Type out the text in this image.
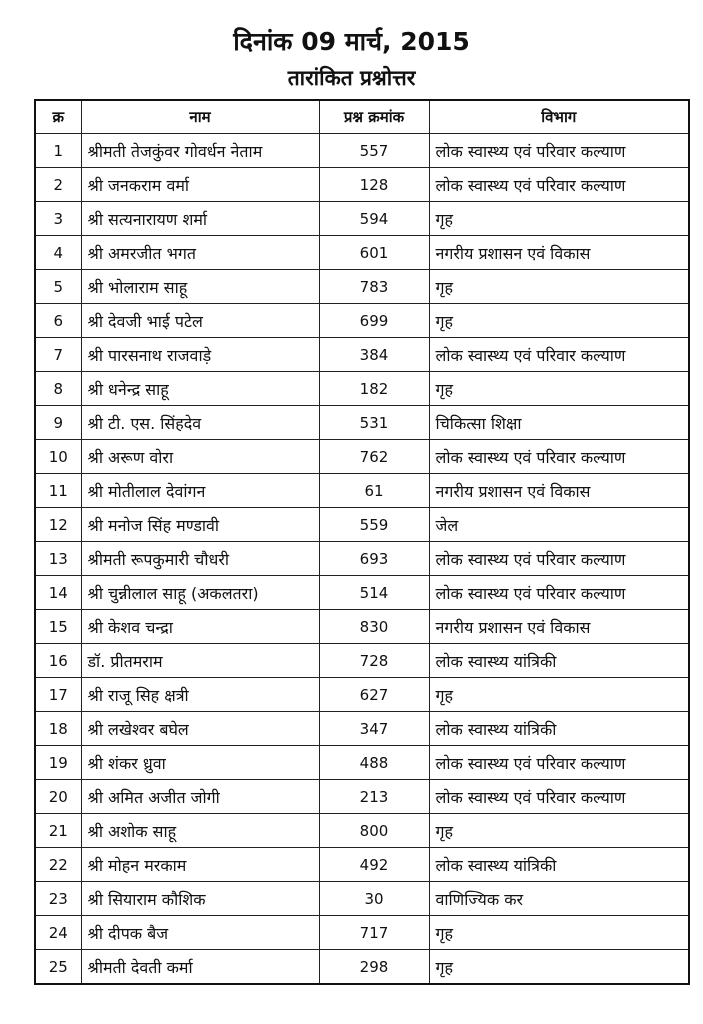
दिनांक 09 मार्च, 2015
तारांकित प्रश्नोत्तर
क्र	नाम	प्रश्न क्रमांक	विभाग
1	श्रीमती तेजकुंवर गोवर्धन नेताम	557	लोक स्वास्थ्य एवं परिवार कल्याण
2	श्री जनकराम वर्मा	128	लोक स्वास्थ्य एवं परिवार कल्याण
3	श्री सत्यनारायण शर्मा	594	गृह
4	श्री अमरजीत भगत	601	नगरीय प्रशासन एवं विकास
5	श्री भोलाराम साहू	783	गृह
6	श्री देवजी भाई पटेल	699	गृह
7	श्री पारसनाथ राजवाड़े	384	लोक स्वास्थ्य एवं परिवार कल्याण
8	श्री धनेन्द्र साहू	182	गृह
9	श्री टी. एस. सिंहदेव	531	चिकित्सा शिक्षा
10	श्री अरूण वोरा	762	लोक स्वास्थ्य एवं परिवार कल्याण
11	श्री मोतीलाल देवांगन	61	नगरीय प्रशासन एवं विकास
12	श्री मनोज सिंह मण्डावी	559	जेल
13	श्रीमती रूपकुमारी चौधरी	693	लोक स्वास्थ्य एवं परिवार कल्याण
14	श्री चुन्नीलाल साहू (अकलतरा)	514	लोक स्वास्थ्य एवं परिवार कल्याण
15	श्री केशव चन्द्रा	830	नगरीय प्रशासन एवं विकास
16	डॉ. प्रीतमराम	728	लोक स्वास्थ्य यांत्रिकी
17	श्री राजू सिह क्षत्री	627	गृह
18	श्री लखेश्वर बघेल	347	लोक स्वास्थ्य यांत्रिकी
19	श्री शंकर ध्रुवा	488	लोक स्वास्थ्य एवं परिवार कल्याण
20	श्री अमित अजीत जोगी	213	लोक स्वास्थ्य एवं परिवार कल्याण
21	श्री अशोक साहू	800	गृह
22	श्री मोहन मरकाम	492	लोक स्वास्थ्य यांत्रिकी
23	श्री सियाराम कौशिक	30	वाणिज्यिक कर
24	श्री दीपक बैज	717	गृह
25	श्रीमती देवती कर्मा	298	गृह
